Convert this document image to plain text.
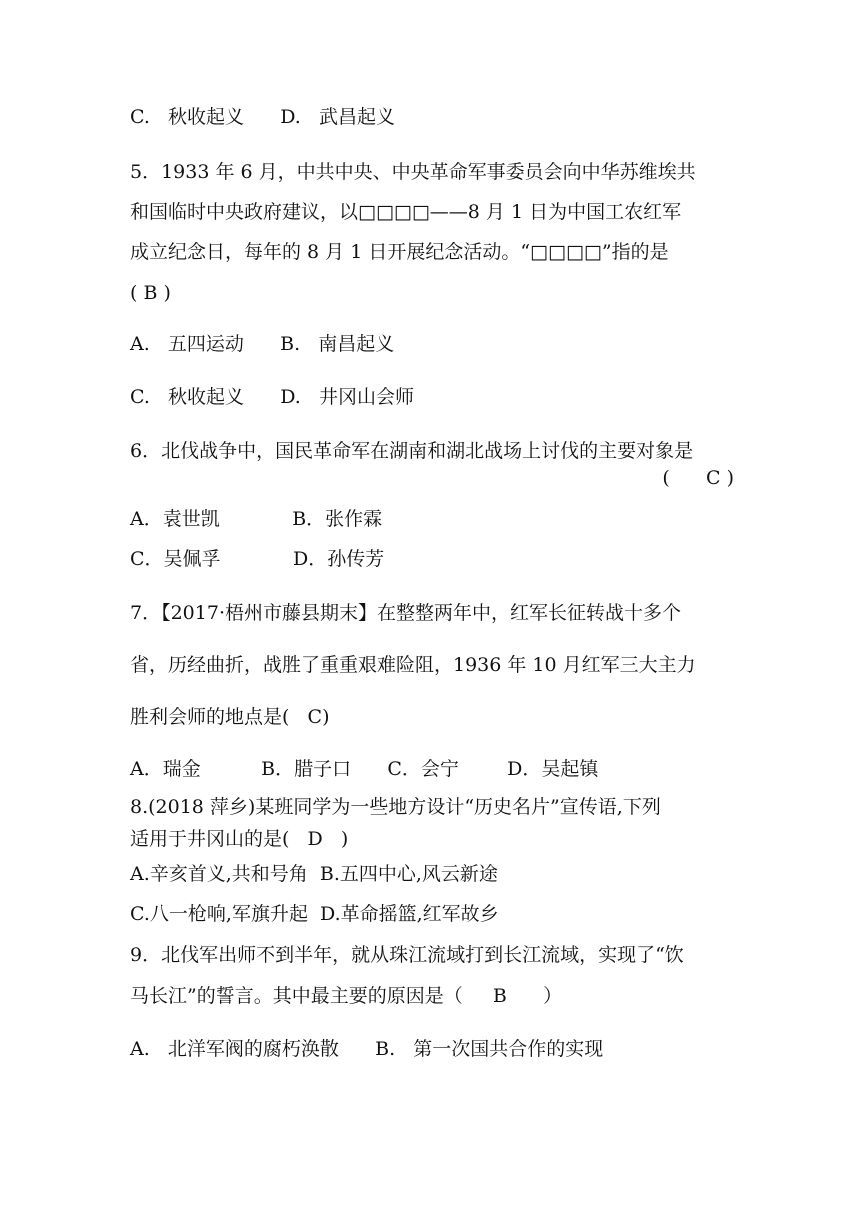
C.   秋收起义      D.   武昌起义
5．1933 年 6 月，中共中央、中央革命军事委员会向中华苏维埃共
和国临时中央政府建议，以□□□□——8 月 1 日为中国工农红军
成立纪念日，每年的 8 月 1 日开展纪念活动。“□□□□”指的是
( B )
A.   五四运动      B.   南昌起义
C.   秋收起义      D.   井冈山会师
6．北伐战争中，国民革命军在湖南和湖北战场上讨伐的主要对象是
(      C )
A．袁世凯            B．张作霖
C．吴佩孚            D．孙传芳
7．【2017·梧州市藤县期末】在整整两年中，红军长征转战十多个
省，历经曲折，战胜了重重艰难险阻，1936 年 10 月红军三大主力
胜利会师的地点是(   C)
A．瑞金          B．腊子口      C．会宁        D．吴起镇
8.(2018 萍乡)某班同学为一些地方设计“历史名片”宣传语,下列
适用于井冈山的是(   D   )
A.辛亥首义,共和号角  B.五四中心,风云新途
C.八一枪响,军旗升起  D.革命摇篮,红军故乡
9．北伐军出师不到半年，就从珠江流域打到长江流域，实现了“饮
马长江”的誓言。其中最主要的原因是（     B      ）
A.   北洋军阀的腐朽涣散      B.   第一次国共合作的实现
